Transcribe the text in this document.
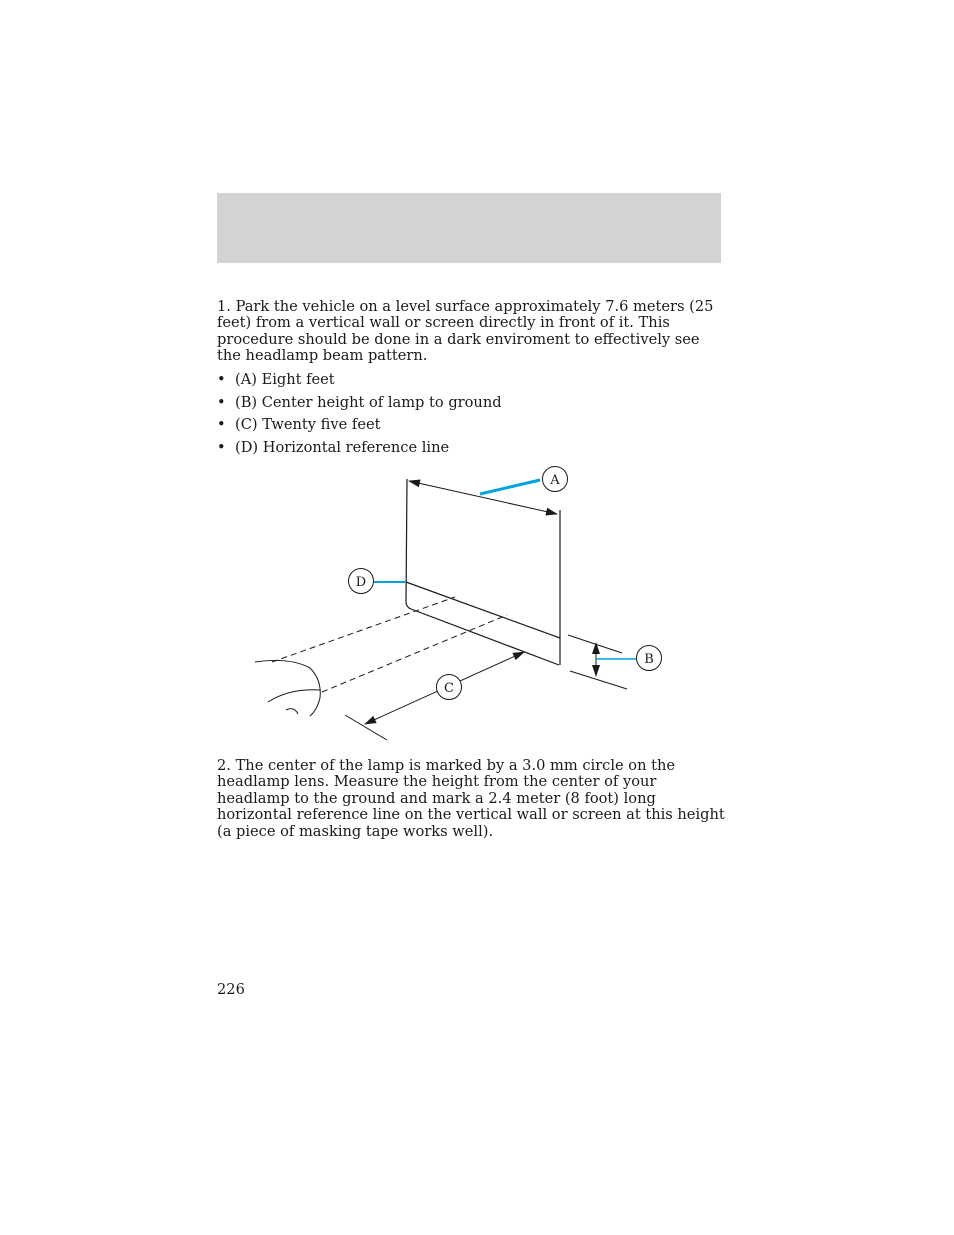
1. Park the vehicle on a level surface approximately 7.6 meters (25 feet) from a vertical wall or screen directly in front of it. This procedure should be done in a dark enviroment to effectively see the headlamp beam pattern.

• (A) Eight feet
• (B) Center height of lamp to ground
• (C) Twenty five feet
• (D) Horizontal reference line
A
D
B
C

2. The center of the lamp is marked by a 3.0 mm circle on the headlamp lens. Measure the height from the center of your headlamp to the ground and mark a 2.4 meter (8 foot) long horizontal reference line on the vertical wall or screen at this height (a piece of masking tape works well).

226
